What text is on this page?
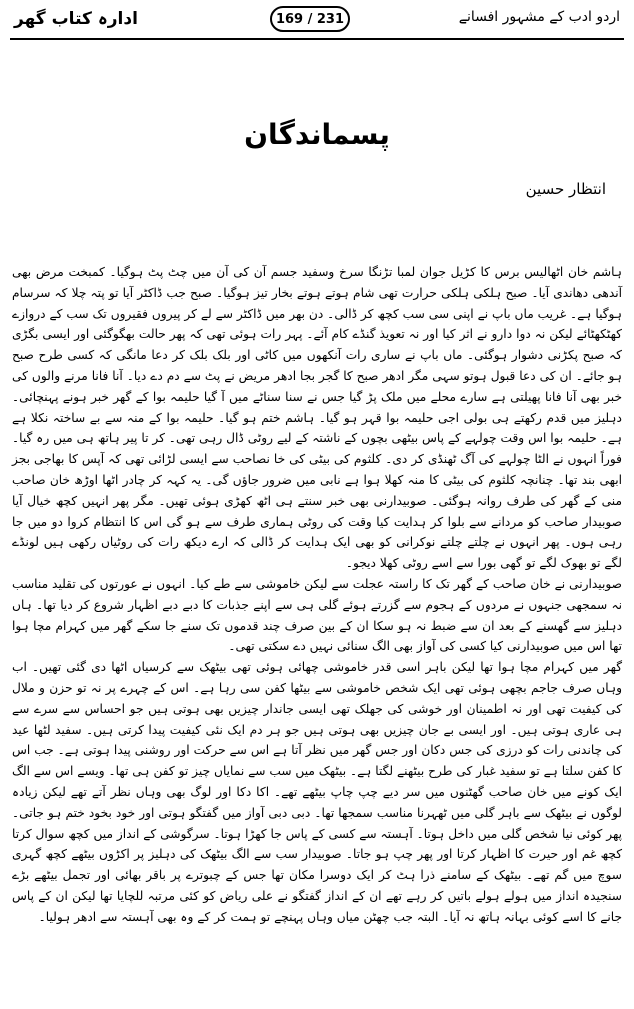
ادارہ کتاب گھر	169 / 231	اردو ادب کے مشہور افسانے
پسماندگان
انتظار حسین

ہاشم خان اٹھالیس برس کا کڑیل جوان لمبا تڑنگا سرخ وسفید جسم آن کی آن میں چٹ پٹ ہوگیا۔ کمبخت مرض بھی آندھی دھاندی آیا۔ صبح ہلکی ہلکی حرارت تھی شام ہوتے ہوتے بخار تیز ہوگیا۔ صبح جب ڈاکٹر آیا تو پتہ چلا کہ سرسام ہوگیا ہے۔ غریب ماں باپ نے اپنی سی سب کچھ کر ڈالی۔ دن بھر میں ڈاکٹر سے لے کر پیروں فقیروں تک سب کے دروازے کھٹکھٹائے لیکن نہ دوا دارو نے اثر کیا اور نہ تعویذ گنڈے کام آئے۔ پہر رات ہوئی تھی کہ پھر حالت بھگوگئی اور ایسی بگڑی کہ صبح پکڑنی دشوار ہوگئی۔ ماں باپ نے ساری رات آنکھوں میں کاٹی اور بلک بلک کر دعا مانگی کہ کسی طرح صبح ہو جائے۔ ان کی دعا قبول ہوتو سہی مگر ادھر صبح کا گجر بجا ادھر مریض نے پٹ سے دم دے دیا۔ آنا فانا مرنے والوں کی خبر بھی آنا فانا پھیلتی ہے سارے محلے میں ملک پڑ گیا جس نے سنا سناٹے میں آ گیا حلیمہ بوا کے گھر خبر ہونے پہنچائی۔ دہلیز میں قدم رکھتے ہی بولی اجی حلیمہ بوا قہر ہو گیا۔ ہاشم ختم ہو گیا۔ حلیمہ بوا کے منہ سے بے ساختہ نکلا ہے ہے۔ حلیمہ بوا اس وقت چولہے کے پاس بیٹھی بچوں کے ناشتہ کے لیے روٹی ڈال رہی تھی۔ کر تا پیر ہاتھ ہی میں رہ گیا۔ فوراً انہوں نے الٹا چولہے کی آگ ٹھنڈی کر دی۔ کلثوم کی بیٹی کی خا نصاحب سے ایسی لڑائی تھی کہ آپس کا بھاجی بجز ابھی بند تھا۔ چنانچہ کلثوم کی بیٹی کا منہ کھلا ہوا ہے نابی میں ضرور جاؤں گی۔ یہ کہہ کر چادر اٹھا اوڑھ خان صاحب منی کے گھر کی طرف روانہ ہوگئی۔ صوبیدارنی بھی خبر سنتے ہی اٹھ کھڑی ہوئی تھیں۔ مگر پھر انہیں کچھ خیال آیا صوبیدار صاحب کو مردانے سے بلوا کر ہدایت کیا وقت کی روٹی ہماری طرف سے ہو گی اس کا انتظام کروا دو میں جا رہی ہوں۔ پھر انہوں نے چلتے چلتے نوکرانی کو بھی ایک ہدایت کر ڈالی کہ ارے دیکھ رات کی روٹیاں رکھی ہیں لونڈے لگے تو بھوک لگے تو گھی بورا سے اسے روٹی کھلا دیجو۔

صوبیدارنی نے خان صاحب کے گھر تک کا راستہ عجلت سے لیکن خاموشی سے طے کیا۔ انہوں نے عورتوں کی تقلید مناسب نہ سمجھی جنہوں نے مردوں کے ہجوم سے گزرتے ہوئے گلی ہی سے اپنے جذبات کا دبے دبے اظہار شروع کر دیا تھا۔ ہاں دہلیز سے گھسنے کے بعد ان سے ضبط نہ ہو سکا ان کے بین صرف چند قدموں تک سنے جا سکے گھر میں کہرام مچا ہوا تھا اس میں صوبیدارنی کیا کسی کی آواز بھی الگ سنائی نہیں دے سکتی تھی۔

گھر میں کہرام مچا ہوا تھا لیکن باہر اسی قدر خاموشی چھائی ہوئی تھی بیٹھک سے کرسیاں اٹھا دی گئی تھیں۔ اب وہاں صرف جاجم بچھی ہوئی تھی ایک شخص خاموشی سے بیٹھا کفن سی رہا ہے۔ اس کے چہرے پر نہ تو حزن و ملال کی کیفیت تھی اور نہ اطمینان اور خوشی کی جھلک تھی ایسی جاندار چیزیں بھی ہوتی ہیں جو احساس سے سرے سے ہی عاری ہوتی ہیں۔ اور ایسی بے جان چیزیں بھی ہوتی ہیں جو ہر دم ایک نئی کیفیت پیدا کرتی ہیں۔ سفید لٹھا عید کی چاندنی رات کو درزی کی جس دکان اور جس گھر میں نظر آتا ہے اس سے حرکت اور روشنی پیدا ہوتی ہے۔ جب اس کا کفن سلتا ہے تو سفید غبار کی طرح بیٹھنے لگتا ہے۔ بیٹھک میں سب سے نمایاں چیز تو کفن ہی تھا۔ ویسے اس سے الگ ایک کونے میں خان صاحب گھٹنوں میں سر دیے چپ چاپ بیٹھے تھے۔ اکا دکا اور لوگ بھی وہاں نظر آتے تھے لیکن زیادہ لوگوں نے بیٹھک سے باہر گلی میں ٹھہرنا مناسب سمجھا تھا۔ دبی دبی آواز میں گفتگو ہوتی اور خود بخود ختم ہو جاتی۔ پھر کوئی نیا شخص گلی میں داخل ہوتا۔ آہستہ سے کسی کے پاس جا کھڑا ہوتا۔ سرگوشی کے انداز میں کچھ سوال کرتا کچھ غم اور حیرت کا اظہار کرتا اور پھر چپ ہو جاتا۔ صوبیدار سب سے الگ بیٹھک کی دہلیز پر اکڑوں بیٹھے کچھ گہری سوچ میں گم تھے۔ بیٹھک کے سامنے ذرا ہٹ کر ایک دوسرا مکان تھا جس کے چبوترے پر باقر بھائی اور تجمل بیٹھے بڑے سنجیدہ انداز میں ہولے ہولے باتیں کر رہے تھے ان کے انداز گفتگو نے علی ریاض کو کئی مرتبہ للچایا تھا لیکن ان کے پاس جانے کا اسے کوئی بہانہ ہاتھ نہ آیا۔ البتہ جب چھٹن میاں وہاں پہنچے تو ہمت کر کے وہ بھی آہستہ سے ادھر ہولیا۔
